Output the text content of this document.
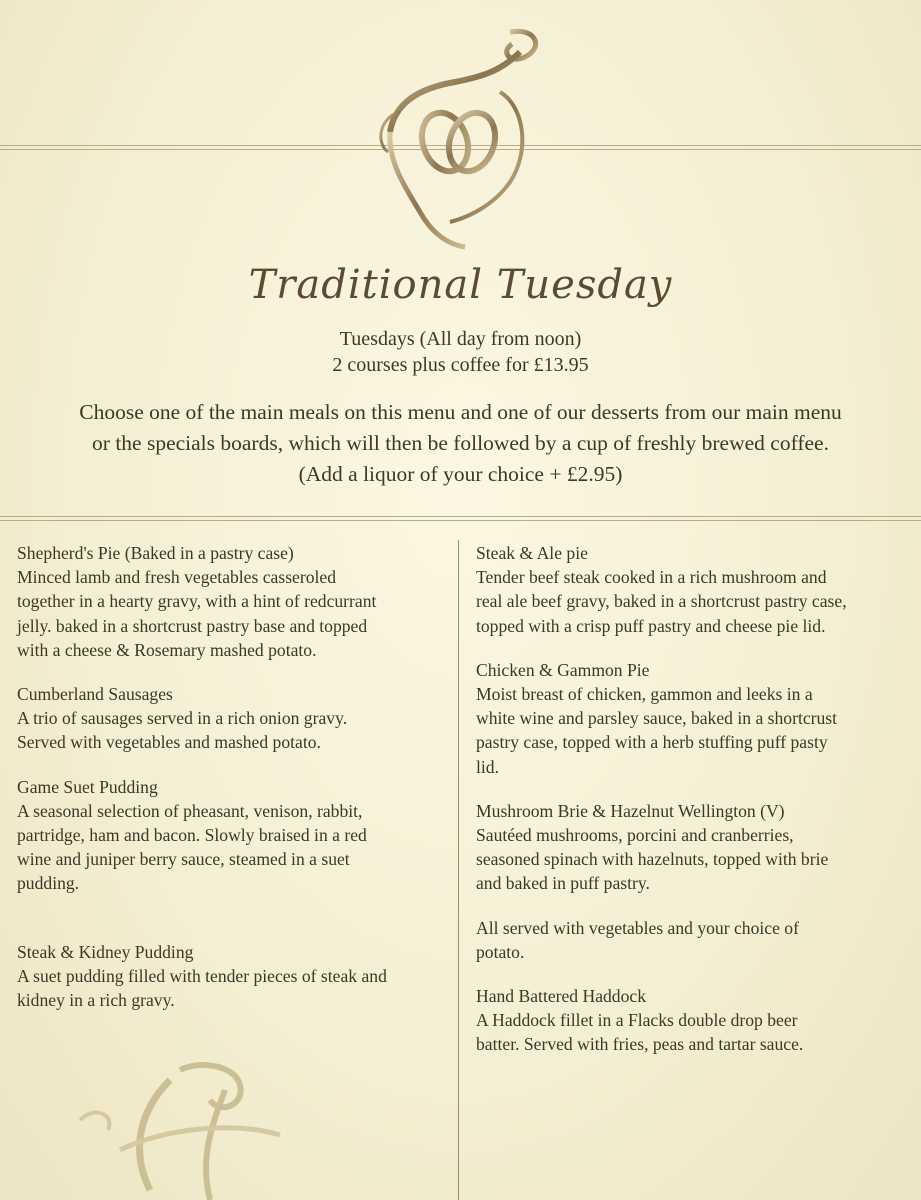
Traditional Tuesday
Tuesdays (All day from noon)
2 courses plus coffee for £13.95
Choose one of the main meals on this menu and one of our desserts from our main menu
or the specials boards, which will then be followed by a cup of freshly brewed coffee.
(Add a liquor of your choice + £2.95)

Shepherd's Pie (Baked in a pastry case)

Minced lamb and fresh vegetables casseroled

together in a hearty gravy, with a hint of redcurrant

jelly. baked in a shortcrust pastry base and topped

with a cheese & Rosemary mashed potato.

Cumberland Sausages

A trio of sausages served in a rich onion gravy.

Served with vegetables and mashed potato.

Game Suet Pudding

A seasonal selection of pheasant, venison, rabbit,

partridge, ham and bacon. Slowly braised in a red

wine and juniper berry sauce, steamed in a suet

pudding.

Steak & Kidney Pudding

A suet pudding filled with tender pieces of steak and

kidney in a rich gravy.

Steak & Ale pie

Tender beef steak cooked in a rich mushroom and

real ale beef gravy, baked in a shortcrust pastry case,

topped with a crisp puff pastry and cheese pie lid.

Chicken & Gammon Pie

Moist breast of chicken, gammon and leeks in a

white wine and parsley sauce, baked in a shortcrust

pastry case, topped with a herb stuffing puff pasty

lid.

Mushroom Brie & Hazelnut Wellington (V)

Sautéed mushrooms, porcini and cranberries,

seasoned spinach with hazelnuts, topped with brie

and baked in puff pastry.

All served with vegetables and your choice of

potato.

Hand Battered Haddock

A Haddock fillet in a Flacks double drop beer

batter. Served with fries, peas and tartar sauce.
